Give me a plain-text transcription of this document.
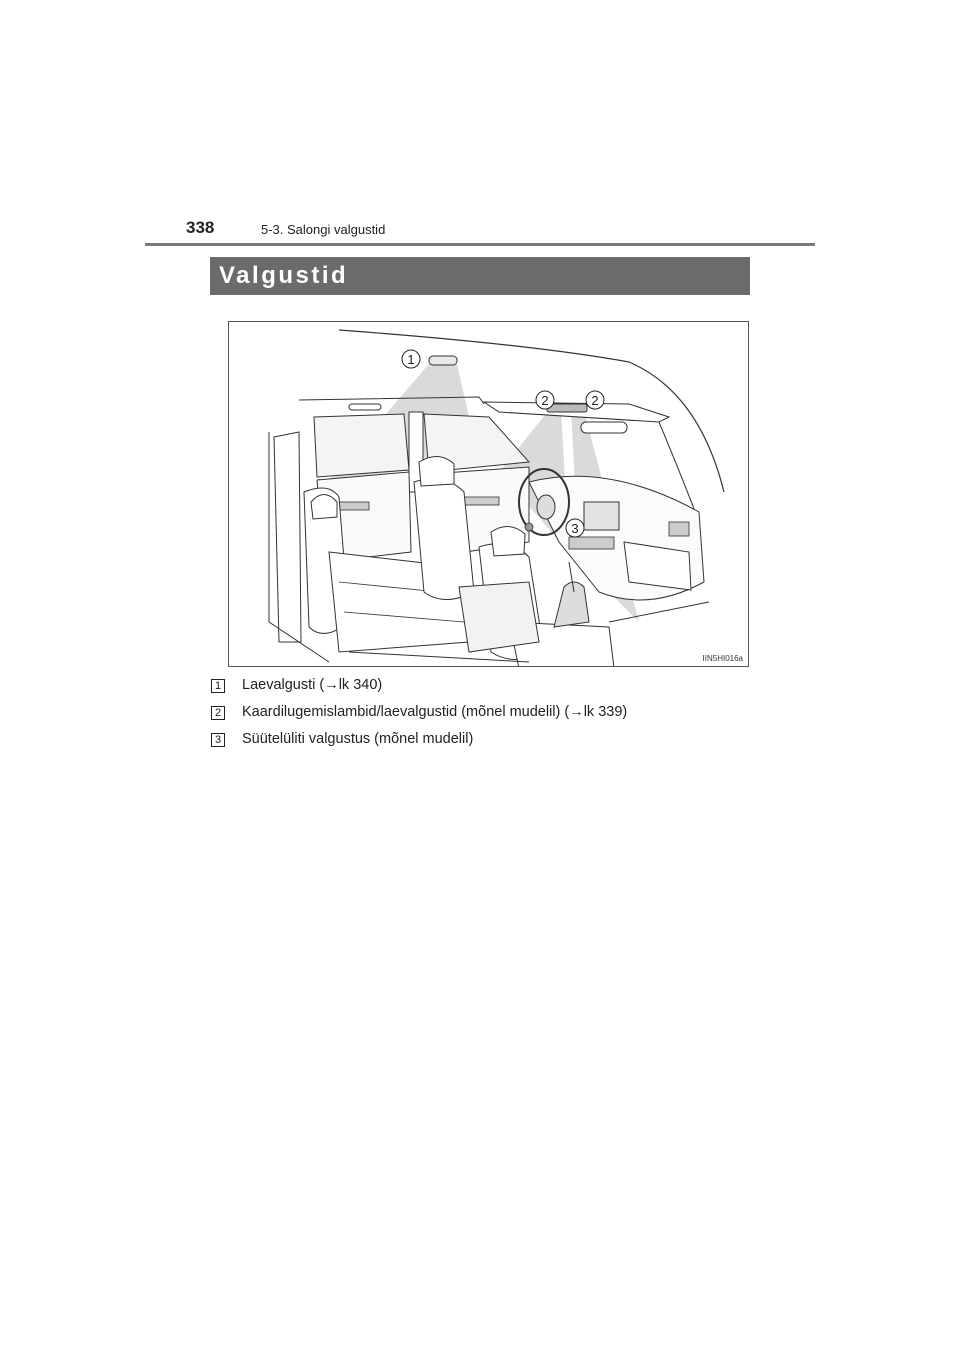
338	5-3. Salongi valgustid
Valgustid
1
2	2
3
IIN5HI016a
1 Laevalgusti (→lk 340)
2 Kaardilugemislambid/laevalgustid (mõnel mudelil) (→lk 339)
3 Süütelüliti valgustus (mõnel mudelil)
